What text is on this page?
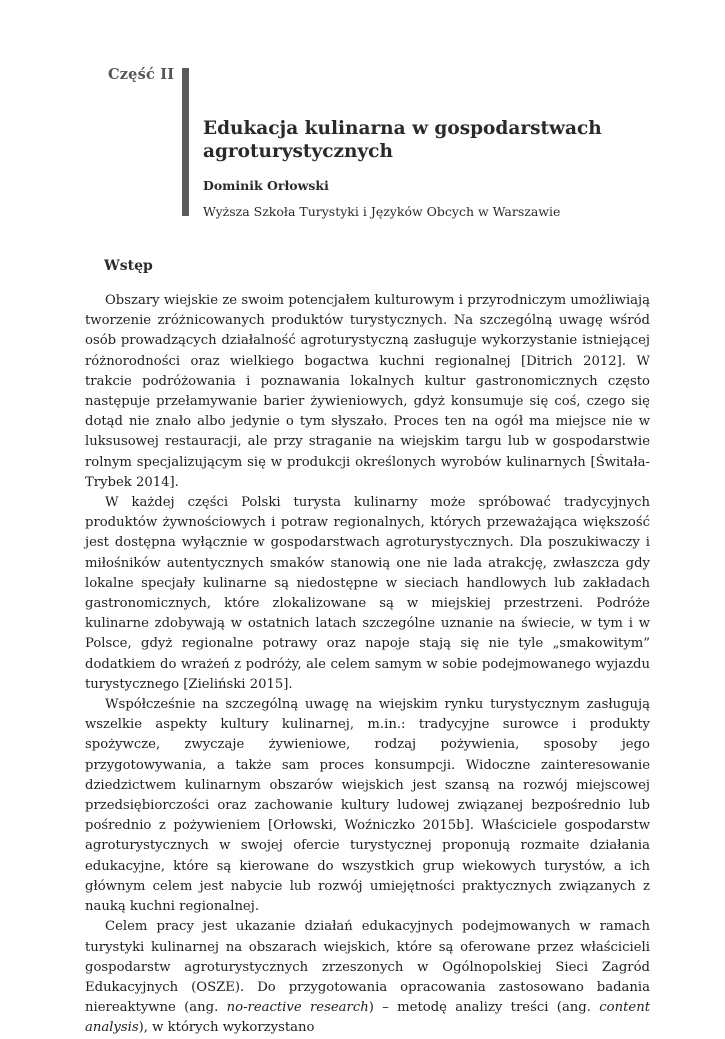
Część II
Edukacja kulinarna w gospodarstwach agroturystycznych
Dominik Orłowski
Wyższa Szkoła Turystyki i Języków Obcych w Warszawie
Wstęp

Obszary wiejskie ze swoim potencjałem kulturowym i przyrodniczym umożliwiają tworzenie zróżnicowanych produktów turystycznych. Na szczególną uwagę wśród osób prowadzących działalność agroturystyczną zasługuje wykorzystanie istniejącej różnorodności oraz wielkiego bogactwa kuchni regionalnej [Ditrich 2012]. W trakcie podróżowania i poznawania lokalnych kultur gastronomicznych często następuje przełamywanie barier żywieniowych, gdyż konsumuje się coś, czego się dotąd nie znało albo jedynie o tym słyszało. Proces ten na ogół ma miejsce nie w luksusowej restauracji, ale przy straganie na wiejskim targu lub w gospodarstwie rolnym specjalizującym się w produkcji określonych wyrobów kulinarnych [Świtała-Trybek 2014].

W każdej części Polski turysta kulinarny może spróbować tradycyjnych produktów żywnościowych i potraw regionalnych, których przeważająca większość jest dostępna wyłącznie w gospodarstwach agroturystycznych. Dla poszukiwaczy i miłośników autentycznych smaków stanowią one nie lada atrakcję, zwłaszcza gdy lokalne specjały kulinarne są niedostępne w sieciach handlowych lub zakładach gastronomicznych, które zlokalizowane są w miejskiej przestrzeni. Podróże kulinarne zdobywają w ostatnich latach szczególne uznanie na świecie, w tym i w Polsce, gdyż regionalne potrawy oraz napoje stają się nie tyle „smakowitym” dodatkiem do wrażeń z podróży, ale celem samym w sobie podejmowanego wyjazdu turystycznego [Zieliński 2015].

Współcześnie na szczególną uwagę na wiejskim rynku turystycznym zasługują wszelkie aspekty kultury kulinarnej, m.in.: tradycyjne surowce i produkty spożywcze, zwyczaje żywieniowe, rodzaj pożywienia, sposoby jego przygotowywania, a także sam proces konsumpcji. Widoczne zainteresowanie dziedzictwem kulinarnym obszarów wiejskich jest szansą na rozwój miejscowej przedsiębiorczości oraz zachowanie kultury ludowej związanej bezpośrednio lub pośrednio z pożywieniem [Orłowski, Woźniczko 2015b]. Właściciele gospodarstw agroturystycznych w swojej ofercie turystycznej proponują rozmaite działania edukacyjne, które są kierowane do wszystkich grup wiekowych turystów, a ich głównym celem jest nabycie lub rozwój umiejętności praktycznych związanych z nauką kuchni regionalnej.

Celem pracy jest ukazanie działań edukacyjnych podejmowanych w ramach turystyki kulinarnej na obszarach wiejskich, które są oferowane przez właścicieli gospodarstw agroturystycznych zrzeszonych w Ogólnopolskiej Sieci Zagród Edukacyjnych (OSZE). Do przygotowania opracowania zastosowano badania niereaktywne (ang. no-reactive research) – metodę analizy treści (ang. content analysis), w których wykorzystano
